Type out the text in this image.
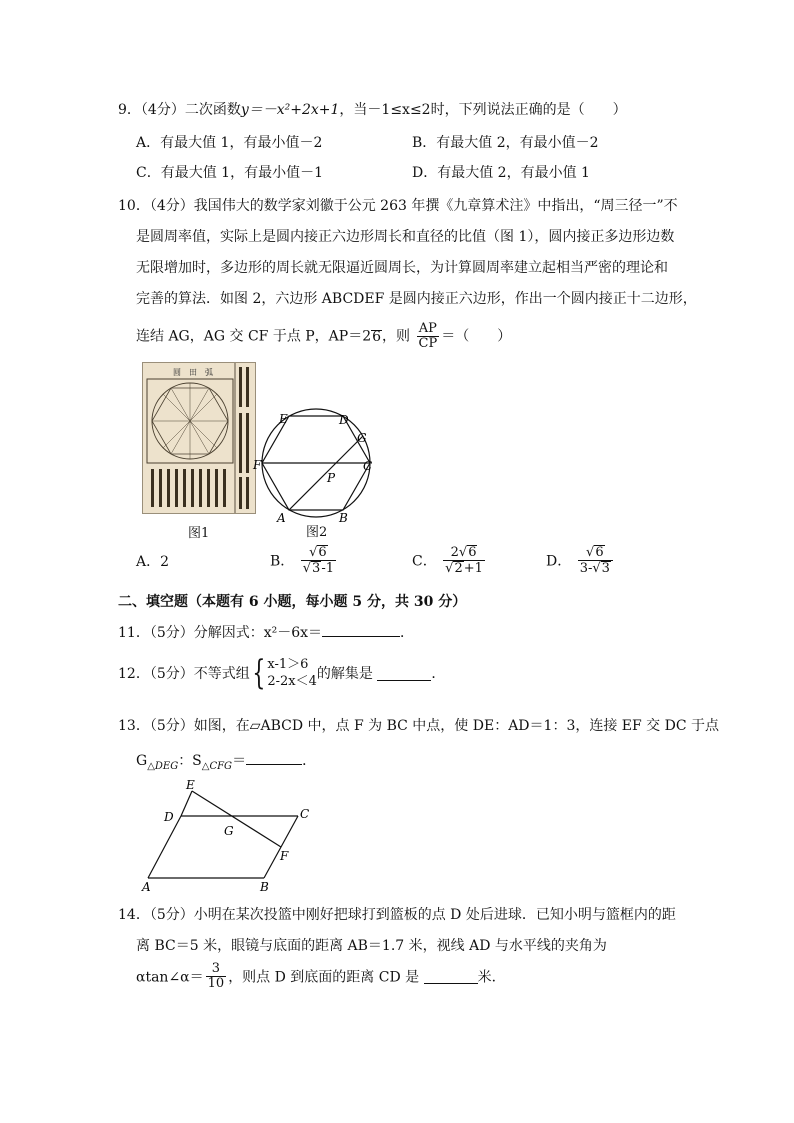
9．（4分）二次函数y＝－x²+2x+1，当－1≤x≤2时，下列说法正确的是（　　）
A．有最大值 1，有最小值－2	B．有最大值 2，有最小值－2
C．有最大值 1，有最小值－1	D．有最大值 2，有最小值 1
10．（4分）我国伟大的数学家刘徽于公元 263 年撰《九章算术注》中指出，“周三径一”不
是圆周率值，实际上是圆内接正六边形周长和直径的比值（图 1），圆内接正多边形边数
无限增加时，多边形的周长就无限逼近圆周长，为计算圆周率建立起相当严密的理论和
完善的算法．如图 2，六边形 ABCDEF 是圆内接正六边形，作出一个圆内接正十二边形，
连结 AG，AG 交 CF 于点 P，AP＝26，则 $\frac{AP}{CP}$ ＝（　　）
圆　田　弧
图1
E	D
G
F	C
P
A	B
图2
A．2	B． $\frac{√6}{√3-1}$	C． $\frac{2√6}{√2+1}$	D． $\frac{√6}{3-√3}$
二、填空题（本题有 6 小题，每小题 5 分，共 30 分）
11．（5分）分解因式：x²－6x＝	．
12．（5分）不等式组{ x-1＞6
2-2x＜4 的解集是	．
13．（5分）如图，在▱ABCD 中，点 F 为 BC 中点，使 DE：AD＝1：3，连接 EF 交 DC 于点
$G_{\triangle DEG}$：$S_{\triangle CFG}=$	．
E
D	C
G
F
A	B
14．（5分）小明在某次投篮中刚好把球打到篮板的点 D 处后进球．已知小明与篮框内的距
离 BC＝5 米，眼镜与底面的距离 AB＝1.7 米，视线 AD 与水平线的夹角为
αtan∠α＝ $\frac{3}{10}$ ，则点 D 到底面的距离 CD 是	米．
